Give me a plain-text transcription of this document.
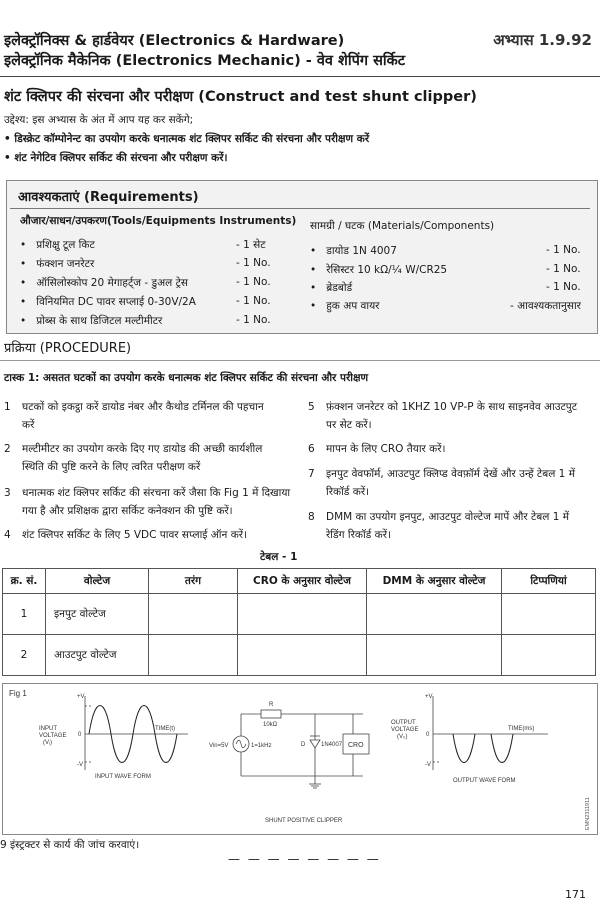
इलेक्ट्रॉनिक्स & हार्डवेयर (Electronics & Hardware)
इलेक्ट्रॉनिक मैकेनिक (Electronics Mechanic) - वेव शेपिंग सर्किट
अभ्यास 1.9.92
शंट क्लिपर की संरचना और परीक्षण (Construct and test shunt clipper)
उद्देश्य: इस अभ्यास के अंत में आप यह कर सकेंगे;
• डिस्क्रेट कॉम्पोनेन्ट का उपयोग करके धनात्मक शंट क्लिपर सर्किट की संरचना और परीक्षण करें
• शंट नेगेटिव क्लिपर सर्किट की संरचना और परीक्षण करें।
आवश्यकताएं (Requirements)
औजार/साधन/उपकरण(Tools/Equipments Instruments) सामग्री / घटक (Materials/Components)
•   प्रशिक्षु टूल किट	- 1 सेट
•   फंक्शन जनरेटर	- 1 No.
•   ऑसिलोस्कोप 20 मेगाहर्ट्ज - डुअल ट्रेस	- 1 No.
•   विनियमित DC पावर सप्लाई 0-30V/2A	- 1 No.
•   प्रोब्स के साथ डिजिटल मल्टीमीटर	- 1 No.
•   डायोड 1N 4007	- 1 No.
•   रेसिस्टर 10 kΩ/¼ W/CR25	- 1 No.
•   ब्रेडबोर्ड	- 1 No.
•   हुक अप वायर	- आवश्यकतानुसार
प्रक्रिया (PROCEDURE)
टास्क 1: असतत घटकों का उपयोग करके धनात्मक शंट क्लिपर सर्किट की संरचना और परीक्षण
1 घटकों को इकट्ठा करें डायोड नंबर और कैथोड टर्मिनल की पहचान
करें
2 मल्टीमीटर का उपयोग करके दिए गए डायोड की अच्छी कार्यशील
स्थिति की पुष्टि करने के लिए त्वरित परीक्षण करें
3 धनात्मक शंट क्लिपर सर्किट की संरचना करें जैसा कि Fig 1 में दिखाया
गया है और प्रशिक्षक द्वारा सर्किट कनेक्शन की पुष्टि करें।
4 शंट क्लिपर सर्किट के लिए 5 VDC पावर सप्लाई ऑन करें।
5 फ़ंक्शन जनरेटर को 1KHZ 10 VP-P के साथ साइनवेव आउटपुट
पर सेट करें।
6 मापन के लिए CRO तैयार करें।
7 इनपुट वेवफॉर्म, आउटपुट क्लिप्ड वेवफ़ॉर्म देखें और उन्हें टेबल 1 में
रिकॉर्ड करें।
8 DMM का उपयोग इनपुट, आउटपुट वोल्टेज मापें और टेबल 1 में
रेडिंग रिकॉर्ड करें।
टेबल - 1
क्र. सं.	वोल्टेज	तरंग	CRO के अनुसार वोल्टेज	DMM के अनुसार वोल्टेज	टिप्पणियां
1	इनपुट वोल्टेज				
2	आउटपुट वोल्टेज				
Fig 1	+V
-V
0
INPUT
VOLTAGE
(Vᵢ)
TIME(t)
INPUT WAVE FORM
R
10kΩ
Vin=5V	1=1kHz	D	1N4007 CRO
SHUNT POSITIVE CLIPPER
+V
-V
0
OUTPUT
VOLTAGE
(V₀)
TIME(ms)
OUTPUT WAVE FORM
EMN2311911
9 इंस्ट्रक्टर से कार्य की जांच करवाएं।
— — — — — — — —
171
